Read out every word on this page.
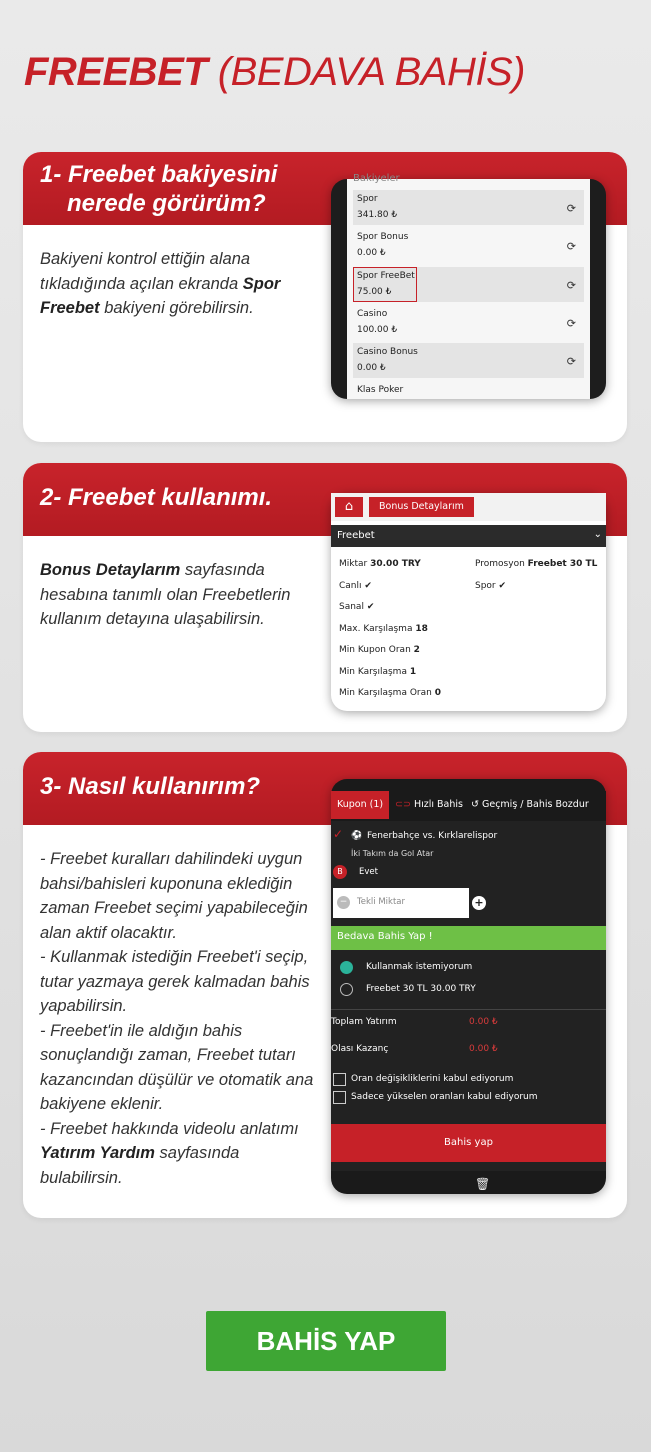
FREEBET (BEDAVA BAHİS)
1- Freebet bakiyesini
nerede görürüm?

Bakiyeni kontrol ettiğin alana tıkladığında açılan ekranda Spor Freebet bakiyeni görebilirsin.

Bakiyeler
Spor
341.80 ₺	⟳
Spor Bonus
0.00 ₺	⟳
Spor FreeBet
75.00 ₺	⟳
Casino
100.00 ₺	⟳
Casino Bonus
0.00 ₺	⟳
Klas Poker
2- Freebet kullanımı.

Bonus Detaylarım sayfasında hesabına tanımlı olan Freebetlerin kullanım detayına ulaşabilirsin.

⌂	Bonus Detaylarım
Freebet	⌄
Miktar 30.00 TRY	Promosyon Freebet 30 TL
Canlı ✔	Spor ✔
Sanal ✔
Max. Karşılaşma 18
Min Kupon Oran 2
Min Karşılaşma 1
Min Karşılaşma Oran 0
3- Nasıl kullanırım?

- Freebet kuralları dahilindeki uygun bahsi/bahisleri kuponuna eklediğin zaman Freebet seçimi yapabileceğin alan aktif olacaktır.

- Kullanmak istediğin Freebet'i seçip, tutar yazmaya gerek kalmadan bahis yapabilirsin.

- Freebet'in ile aldığın bahis sonuçlandığı zaman, Freebet tutarı kazancından düşülür ve otomatik ana bakiyene eklenir.

- Freebet hakkında videolu anlatımı Yatırım Yardım sayfasında bulabilirsin.

Kupon (1)	⊂⊃ Hızlı Bahis ↺ Geçmiş / Bahis Bozdur
✓ ⚽ Fenerbahçe vs. Kırklarelispor
İki Takım da Gol Atar
B	Evet
−	Tekli Miktar	+
Bedava Bahis Yap !
Kullanmak istemiyorum
Freebet 30 TL 30.00 TRY
Toplam Yatırım	0.00 ₺
Olası Kazanç	0.00 ₺
Oran değişikliklerini kabul ediyorum
Sadece yükselen oranları kabul ediyorum
Bahis yap
🗑
BAHİS YAP
